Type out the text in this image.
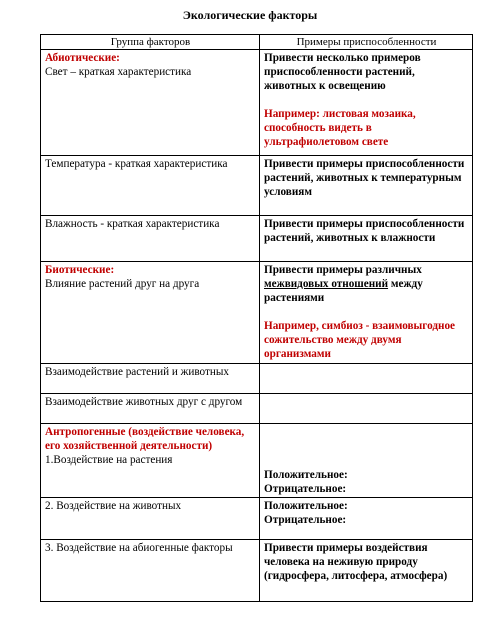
Экологические факторы
Группа факторов	Примеры приспособленности

Абиотические:
Свет – краткая характеристика	Привести несколько примеров приспособленности растений, животных к освещению
Например: листовая мозаика, способность видеть в ультрафиолетовом свете

Температура - краткая характеристика	Привести примеры приспособленности растений, животных к температурным условиям

Влажность - краткая характеристика	Привести примеры приспособленности растений, животных к влажности

Биотические:
Влияние растений друг на друга	Привести примеры различных межвидовых отношений между растениями
Например, симбиоз - взаимовыгодное сожительство между двумя организмами

Взаимодействие растений и животных	

Взаимодействие животных друг с другом	

Антропогенные (воздействие человека, его хозяйственной деятельности)
1.Воздействие на растения	Положительное:
Отрицательное:

2. Воздействие на животных	Положительное:
Отрицательное:

3. Воздействие на абиогенные факторы	Привести примеры воздействия человека на неживую природу (гидросфера, литосфера, атмосфера)
